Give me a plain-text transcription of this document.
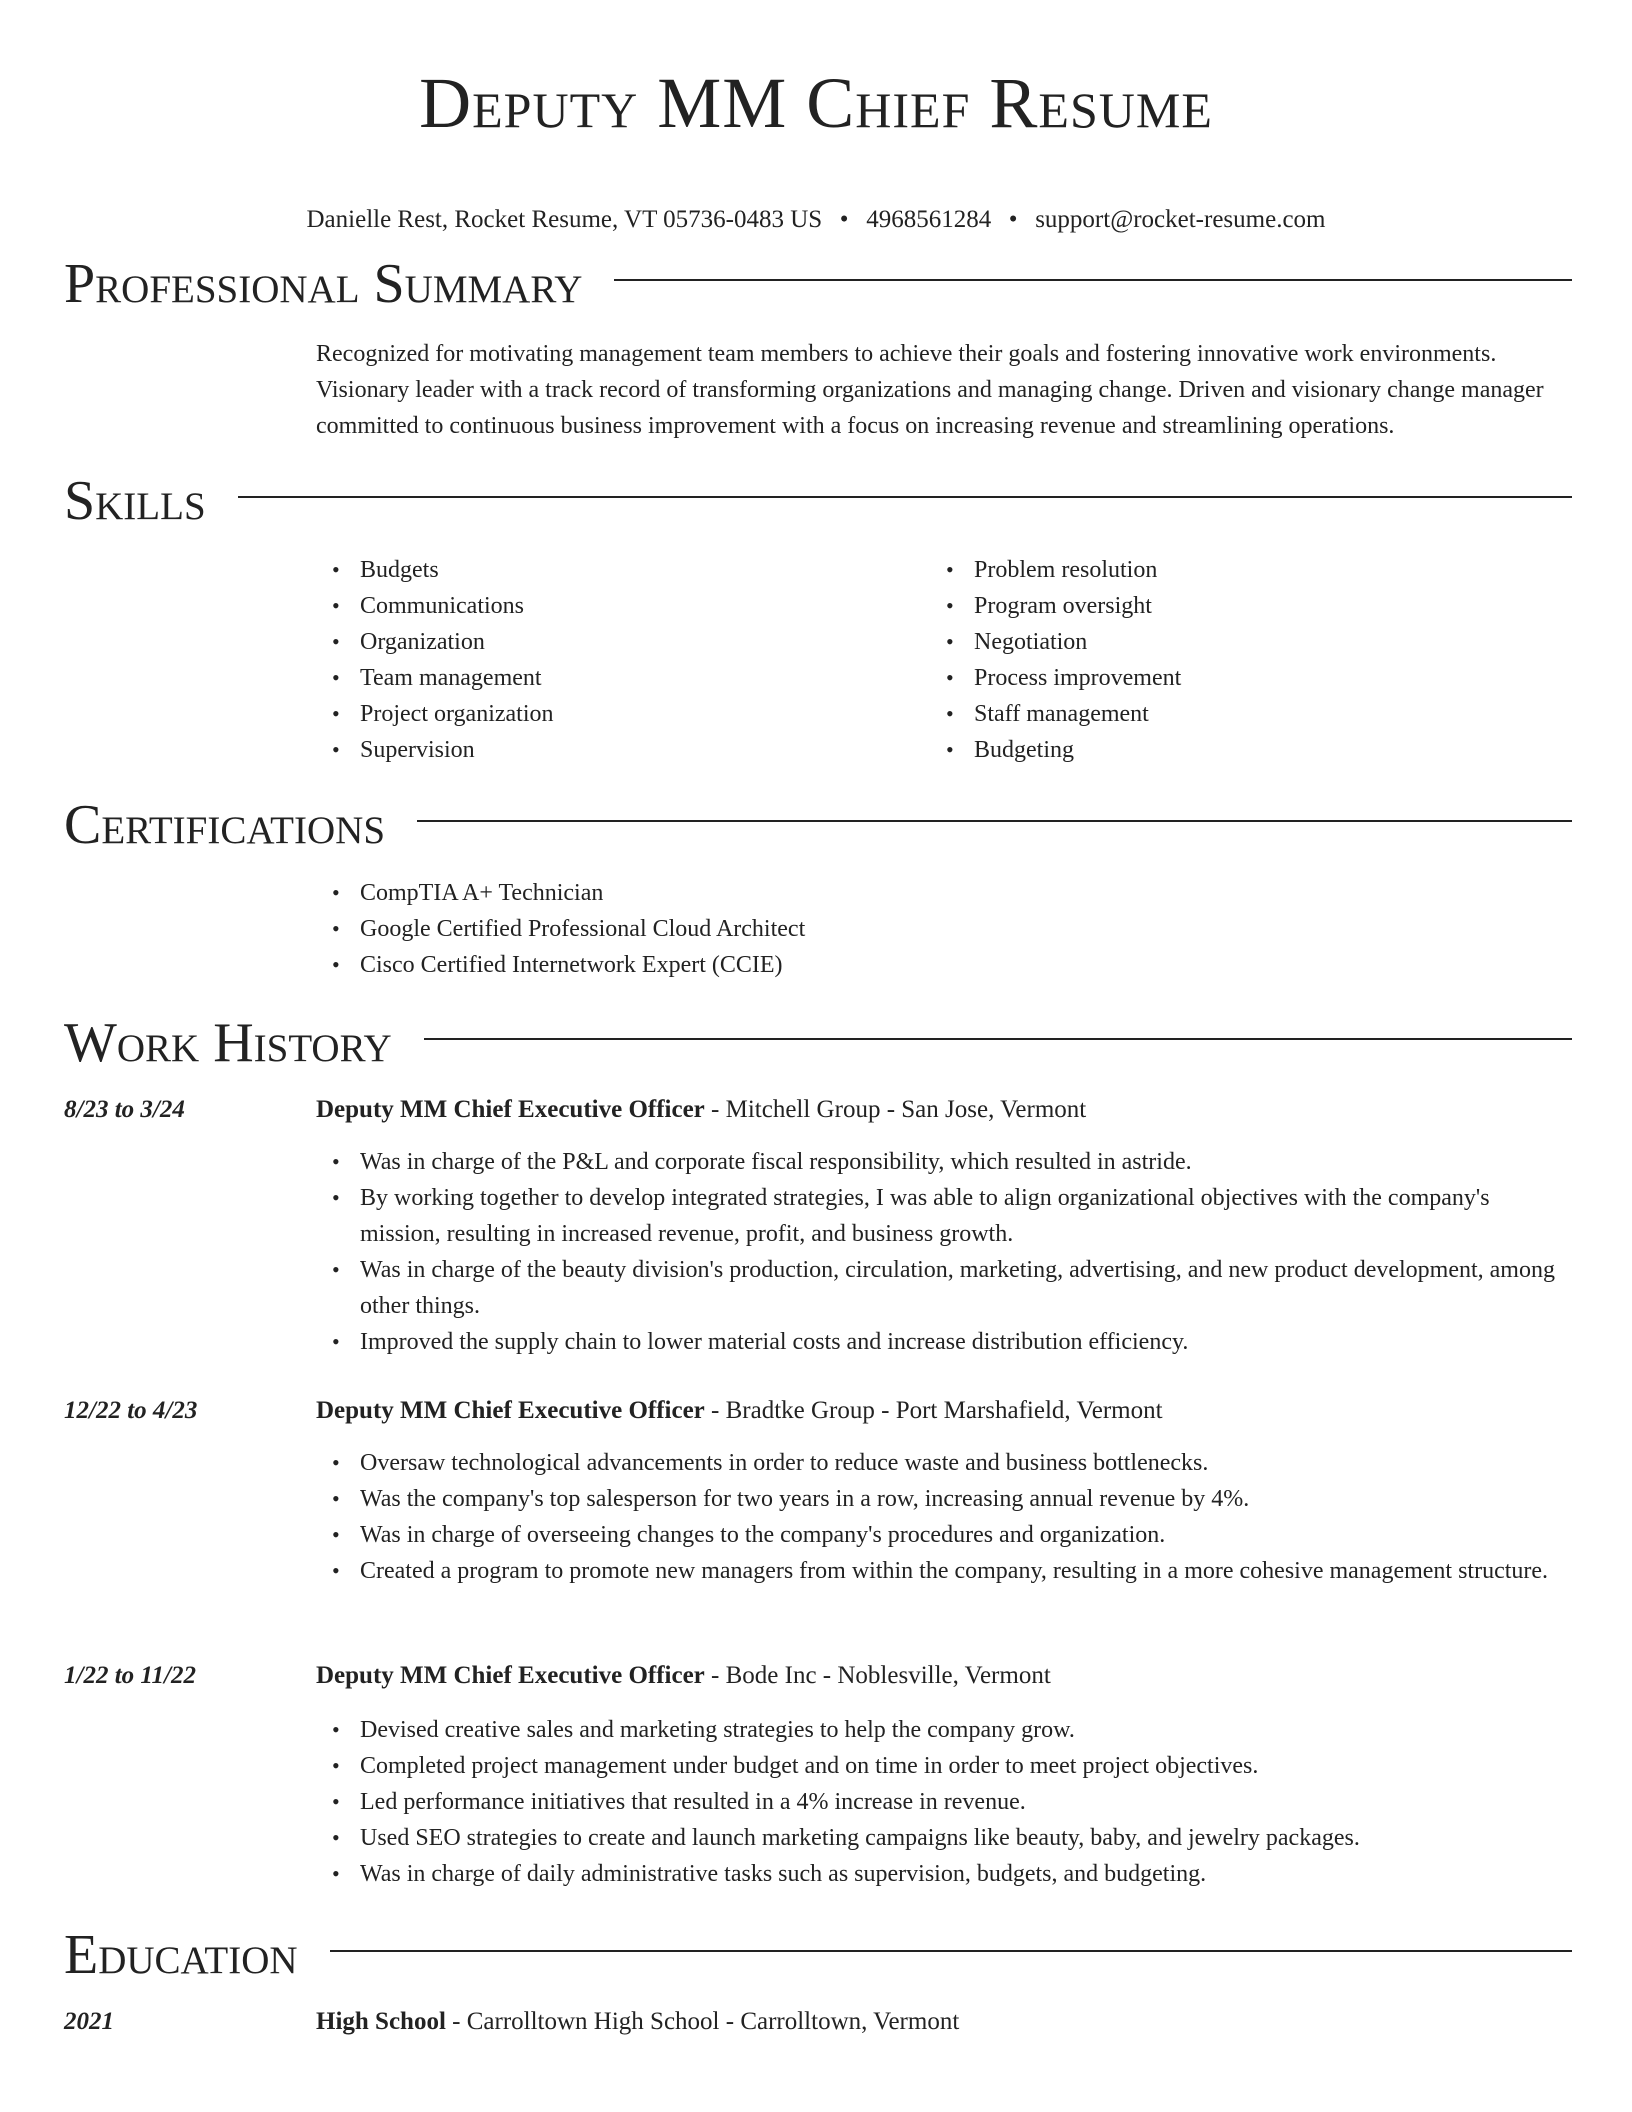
Deputy MM Chief Resume
Danielle Rest, Rocket Resume, VT 05736-0483 US • 4968561284 • support@rocket-resume.com
Professional Summary
Recognized for motivating management team members to achieve their goals and fostering innovative work environments. Visionary leader with a track record of transforming organizations and managing change. Driven and visionary change manager committed to continuous business improvement with a focus on increasing revenue and streamlining operations.
Skills
• Budgets
• Communications
• Organization
• Team management
• Project organization
• Supervision
• Problem resolution
• Program oversight
• Negotiation
• Process improvement
• Staff management
• Budgeting
Certifications
• CompTIA A+ Technician
• Google Certified Professional Cloud Architect
• Cisco Certified Internetwork Expert (CCIE)
Work History
8/23 to 3/24	Deputy MM Chief Executive Officer - Mitchell Group - San Jose, Vermont
• Was in charge of the P&L and corporate fiscal responsibility, which resulted in astride.
• By working together to develop integrated strategies, I was able to align organizational objectives with the company's mission, resulting in increased revenue, profit, and business growth.
• Was in charge of the beauty division's production, circulation, marketing, advertising, and new product development, among other things.
• Improved the supply chain to lower material costs and increase distribution efficiency.
12/22 to 4/23	Deputy MM Chief Executive Officer - Bradtke Group - Port Marshafield, Vermont
• Oversaw technological advancements in order to reduce waste and business bottlenecks.
• Was the company's top salesperson for two years in a row, increasing annual revenue by 4%.
• Was in charge of overseeing changes to the company's procedures and organization.
• Created a program to promote new managers from within the company, resulting in a more cohesive management structure.
1/22 to 11/22	Deputy MM Chief Executive Officer - Bode Inc - Noblesville, Vermont
• Devised creative sales and marketing strategies to help the company grow.
• Completed project management under budget and on time in order to meet project objectives.
• Led performance initiatives that resulted in a 4% increase in revenue.
• Used SEO strategies to create and launch marketing campaigns like beauty, baby, and jewelry packages.
• Was in charge of daily administrative tasks such as supervision, budgets, and budgeting.
Education
2021	High School - Carrolltown High School - Carrolltown, Vermont
